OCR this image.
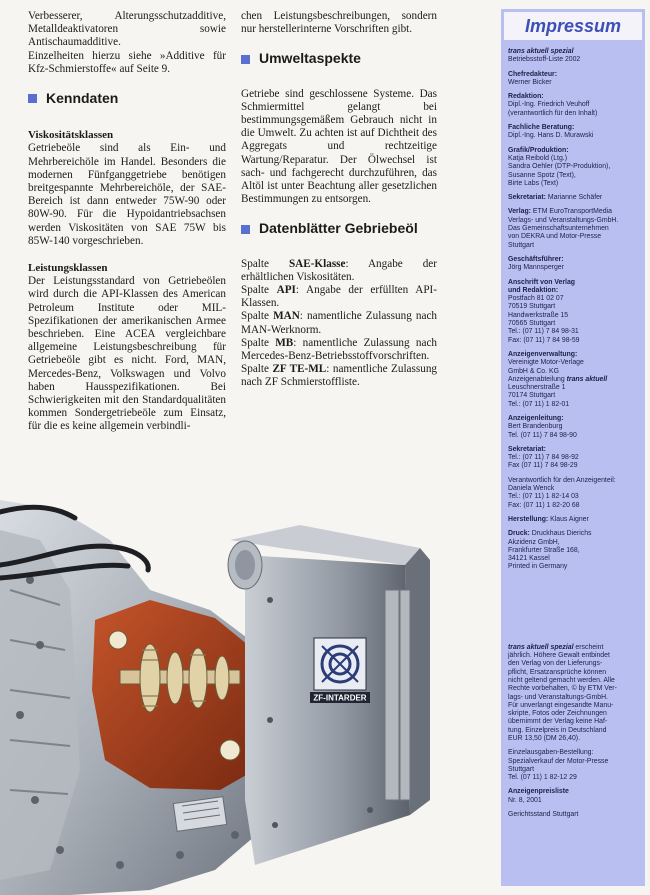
Verbesserer, Alterungsschutzadditive, Metalldeaktivatoren sowie Antischaumadditive.

Einzelheiten hierzu siehe »Additive für Kfz-Schmierstoffe« auf Seite 9.

Kenndaten

Viskositätsklassen

Getriebeöle sind als Ein- und Mehrbereichöle im Handel. Besonders die modernen Fünfganggetriebe benötigen breitgespannte Mehrbereichöle, der SAE-Bereich ist dann entweder 75W-90 oder 80W-90. Für die Hypoidantriebsachsen werden Viskositäten von SAE 75W bis 85W-140 vorgeschrieben.

Leistungsklassen

Der Leistungsstandard von Getriebeölen wird durch die API-Klassen des American Petroleum Institute oder MIL-Spezifikationen der amerikanischen Armee beschrieben. Eine ACEA vergleichbare allgemeine Leistungsbeschreibung für Getriebeöle gibt es nicht. Ford, MAN, Mercedes-Benz, Volkswagen und Volvo haben Hausspezifikationen. Bei Schwierigkeiten mit den Standardqualitäten kommen Sondergetriebeöle zum Einsatz, für die es keine allgemein verbindli-

chen Leistungsbeschreibungen, sondern nur herstellerinterne Vorschriften gibt.

Umweltaspekte

Getriebe sind geschlossene Systeme. Das Schmiermittel gelangt bei bestimmungsgemäßem Gebrauch nicht in die Umwelt. Zu achten ist auf Dichtheit des Aggregats und rechtzeitige Wartung/Reparatur. Der Ölwechsel ist sach- und fachgerecht durchzuführen, das Altöl ist unter Beachtung aller gesetzlichen Bestimmungen zu entsorgen.

Datenblätter Gebriebeöl

Spalte SAE-Klasse: Angabe der erhältlichen Viskositäten.

Spalte API: Angabe der erfüllten API-Klassen.

Spalte MAN: namentliche Zulassung nach MAN-Werknorm.

Spalte MB: namentliche Zulassung nach Mercedes-Benz-Betriebsstoffvorschriften.

Spalte ZF TE-ML: namentliche Zulassung nach ZF Schmierstoffliste.

Impressum
trans aktuell spezial
Betriebsstoff-Liste 2002
Chefredakteur:
Werner Bicker
Redaktion:
Dipl.-Ing. Friedrich Veuhoff
(verantwortlich für den Inhalt)
Fachliche Beratung:
Dipl.-Ing. Hans D. Murawski
Grafik/Produktion:
Katja Reibold (Ltg.)
Sandra Oehler (DTP-Produktion),
Susanne Spotz (Text),
Birte Labs (Text)
Sekretariat: Marianne Schäfer
Verlag: ETM EuroTransportMedia
Verlags- und Veranstaltungs-GmbH.
Das Gemeinschaftsunternehmen
von DEKRA und Motor-Presse
Stuttgart
Geschäftsführer:
Jörg Mannsperger
Anschrift von Verlag
und Redaktion:
Postfach 81 02 07
70519 Stuttgart
Handwerkstraße 15
70565 Stuttgart
Tel.: (07 11) 7 84 98-31
Fax: (07 11) 7 84 98-59
Anzeigenverwaltung:
Vereinigte Motor-Verlage
GmbH & Co. KG
Anzeigenabteilung trans aktuell
Leuschnerstraße 1
70174 Stuttgart
Tel.: (07 11) 1 82-01
Anzeigenleitung:
Bert Brandenburg
Tel. (07 11) 7 84 98-90
Sekretariat:
Tel.: (07 11) 7 84 98-92
Fax (07 11) 7 84 98-29
Verantwortlich für den Anzeigenteil:
Daniela Wenck
Tel.: (07 11) 1 82-14 03
Fax: (07 11) 1 82-20 68
Herstellung: Klaus Aigner
Druck: Druckhaus Dierichs
Akzidenz GmbH,
Frankfurter Straße 168,
34121 Kassel
Printed in Germany
trans aktuell spezial erscheint
jährlich. Höhere Gewalt entbindet
den Verlag von der Lieferungs-
pflicht, Ersatzansprüche können
nicht geltend gemacht werden. Alle
Rechte vorbehalten, © by ETM Ver-
lags- und Veranstaltungs-GmbH.
Für unverlangt eingesandte Manu-
skripte, Fotos oder Zeichnungen
übernimmt der Verlag keine Haf-
tung. Einzelpreis in Deutschland
EUR 13,50 (DM 26,40).
Einzelausgaben-Bestellung:
Spezialverkauf der Motor-Presse
Stuttgart
Tel. (07 11) 1 82-12 29
Anzeigenpreisliste
Nr. 8, 2001
Gerichtsstand Stuttgart
ZF-INTARDER
